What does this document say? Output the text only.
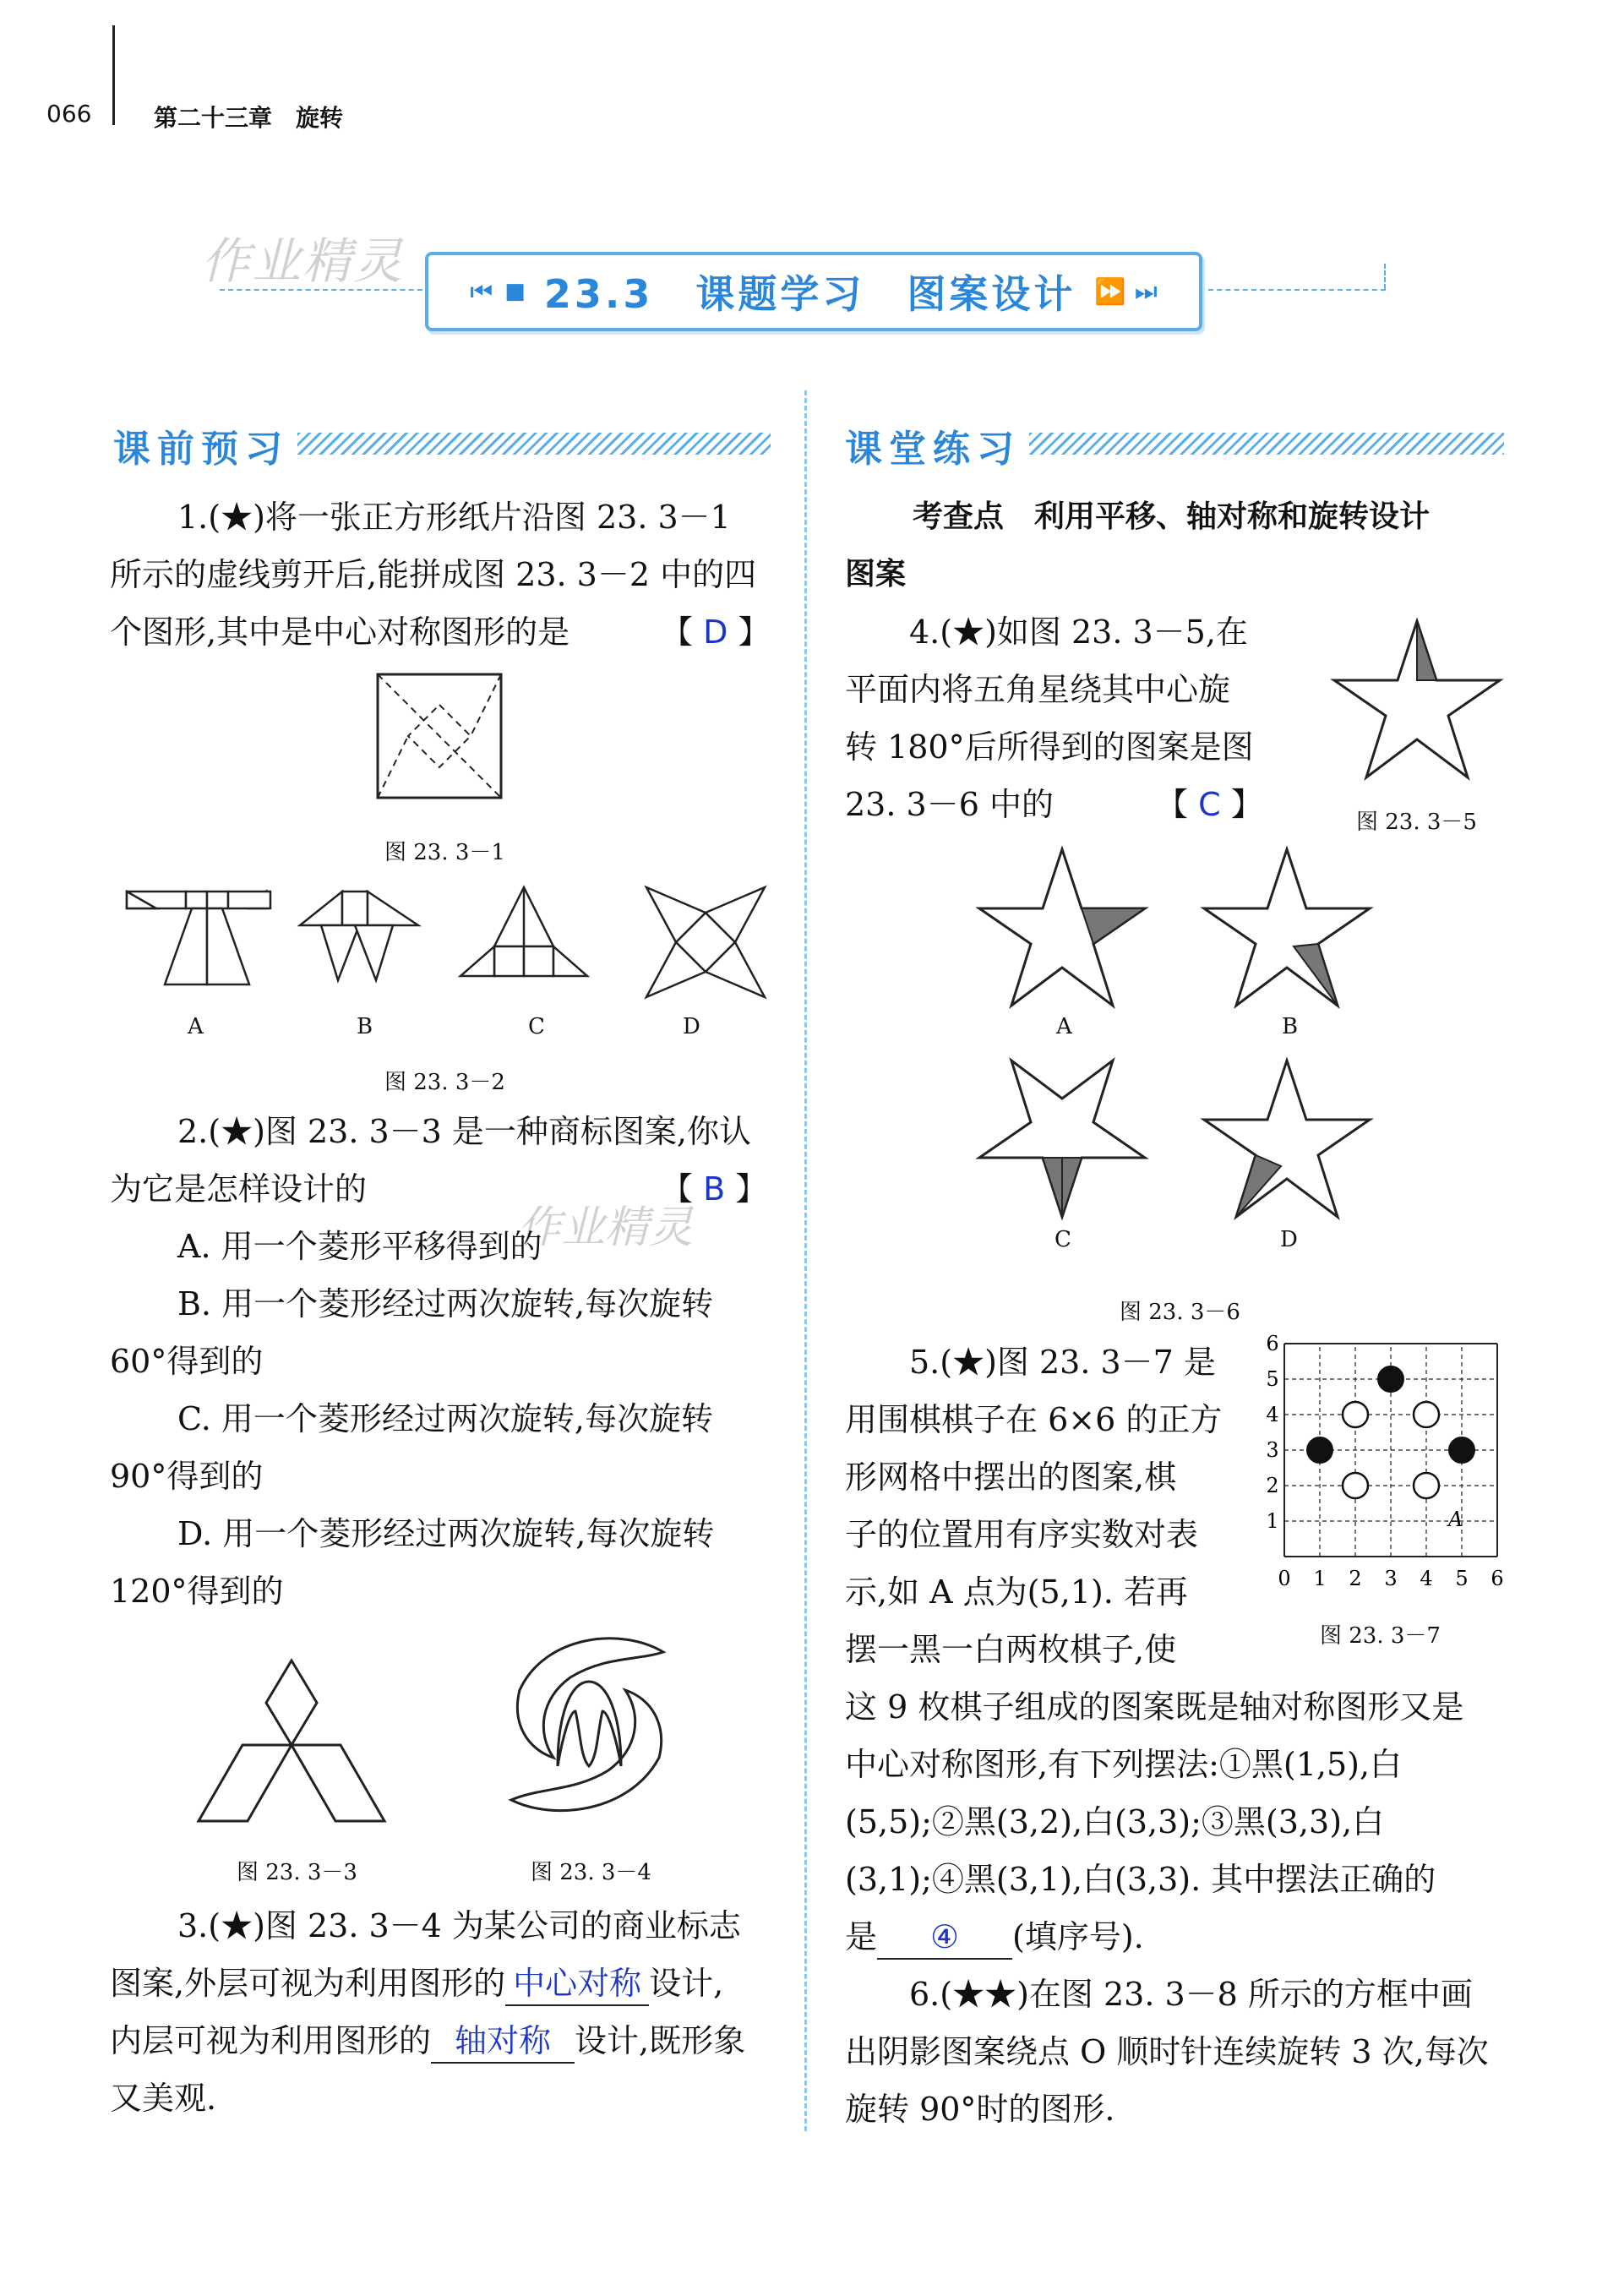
066	第二十三章　旋转
作业精灵
⏮ ■ 23.3　课题学习　图案设计 ⏩ ⏭
课前预习
1.(★)将一张正方形纸片沿图 23. 3－1
所示的虚线剪开后,能拼成图 23. 3－2 中的四
个图形,其中是中心对称图形的是	【 D 】
图 23. 3－1
A	B	C	D
图 23. 3－2
2.(★)图 23. 3－3 是一种商标图案,你认
为它是怎样设计的	【 B 】
作业精灵
A. 用一个菱形平移得到的
B. 用一个菱形经过两次旋转,每次旋转
60°得到的
C. 用一个菱形经过两次旋转,每次旋转
90°得到的
D. 用一个菱形经过两次旋转,每次旋转
120°得到的
图 23. 3－3	图 23. 3－4
3.(★)图 23. 3－4 为某公司的商业标志
图案,外层可视为利用图形的 中心对称 设计,
内层可视为利用图形的 轴对称 设计,既形象
又美观.
课堂练习
考查点　利用平移、轴对称和旋转设计
图案
4.(★)如图 23. 3－5,在
平面内将五角星绕其中心旋
转 180°后所得到的图案是图
23. 3－6 中的	【 C 】	图 23. 3－5
A	B
C	D
图 23. 3－6
5.(★)图 23. 3－7 是
用围棋棋子在 6×6 的正方
形网格中摆出的图案,棋
子的位置用有序实数对表
示,如 A 点为(5,1). 若再
摆一黑一白两枚棋子,使
这 9 枚棋子组成的图案既是轴对称图形又是
中心对称图形,有下列摆法:①黑(1,5),白
(5,5);②黑(3,2),白(3,3);③黑(3,3),白
(3,1);④黑(3,1),白(3,3). 其中摆法正确的
是 ④ (填序号).
0 1
1
2
2
3
3
4
4
5
5
6
6
A
图 23. 3－7
6.(★★)在图 23. 3－8 所示的方框中画
出阴影图案绕点 O 顺时针连续旋转 3 次,每次
旋转 90°时的图形.
